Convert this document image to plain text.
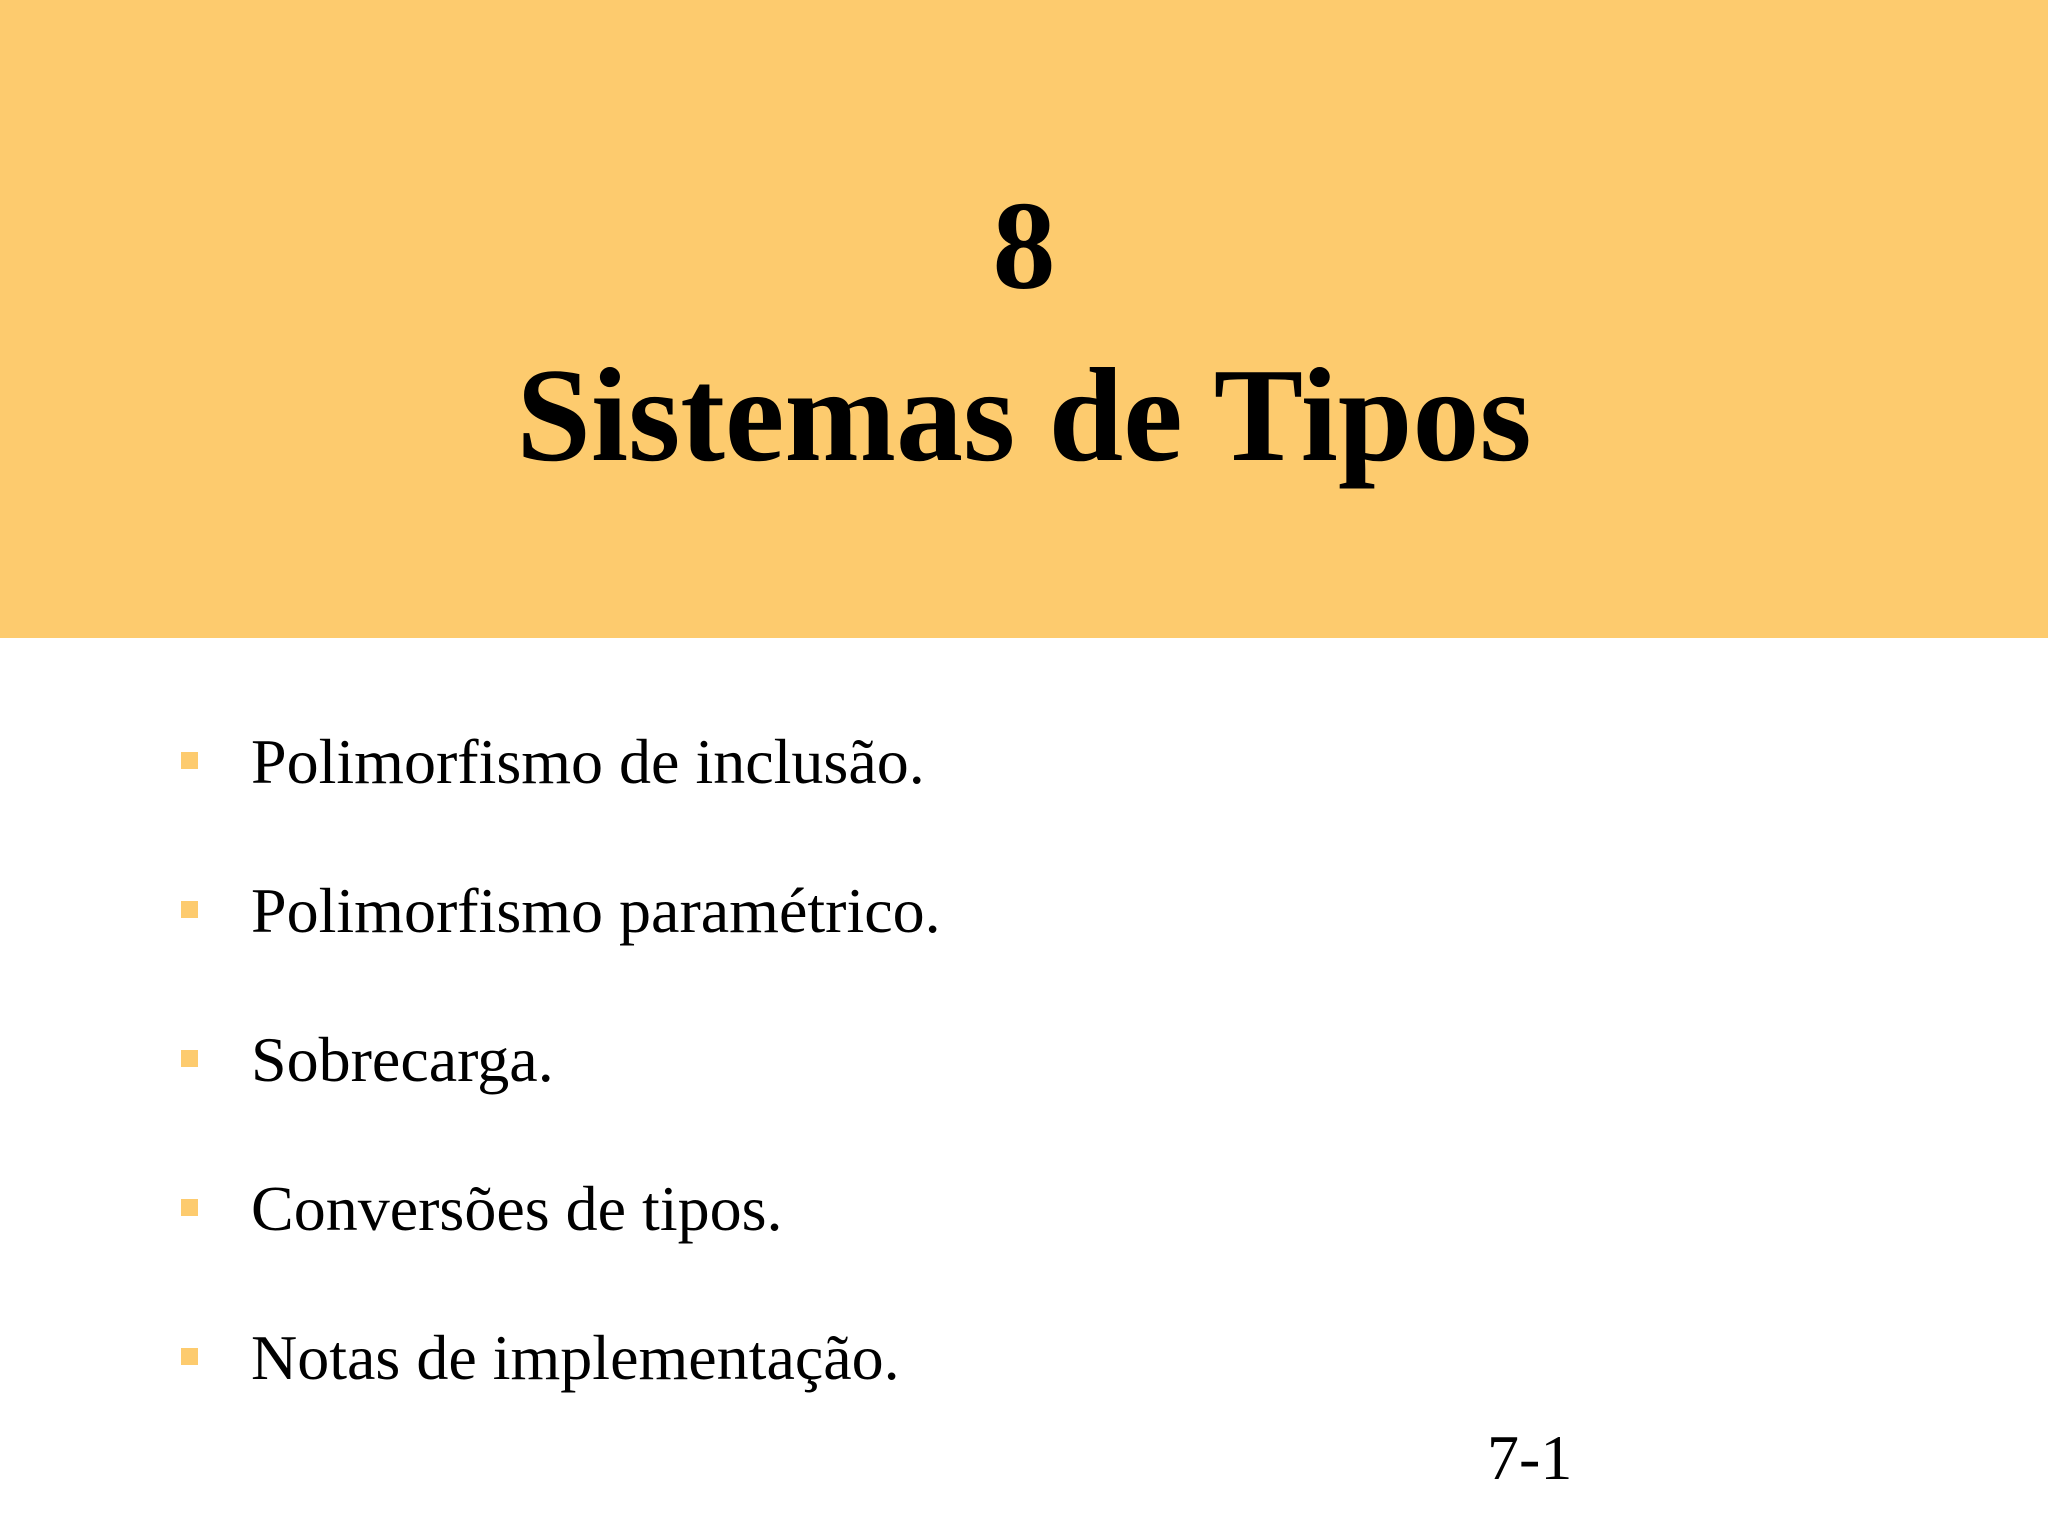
8
Sistemas de Tipos
Polimorfismo de inclusão.
Polimorfismo paramétrico.
Sobrecarga.
Conversões de tipos.
Notas de implementação.
7-1
